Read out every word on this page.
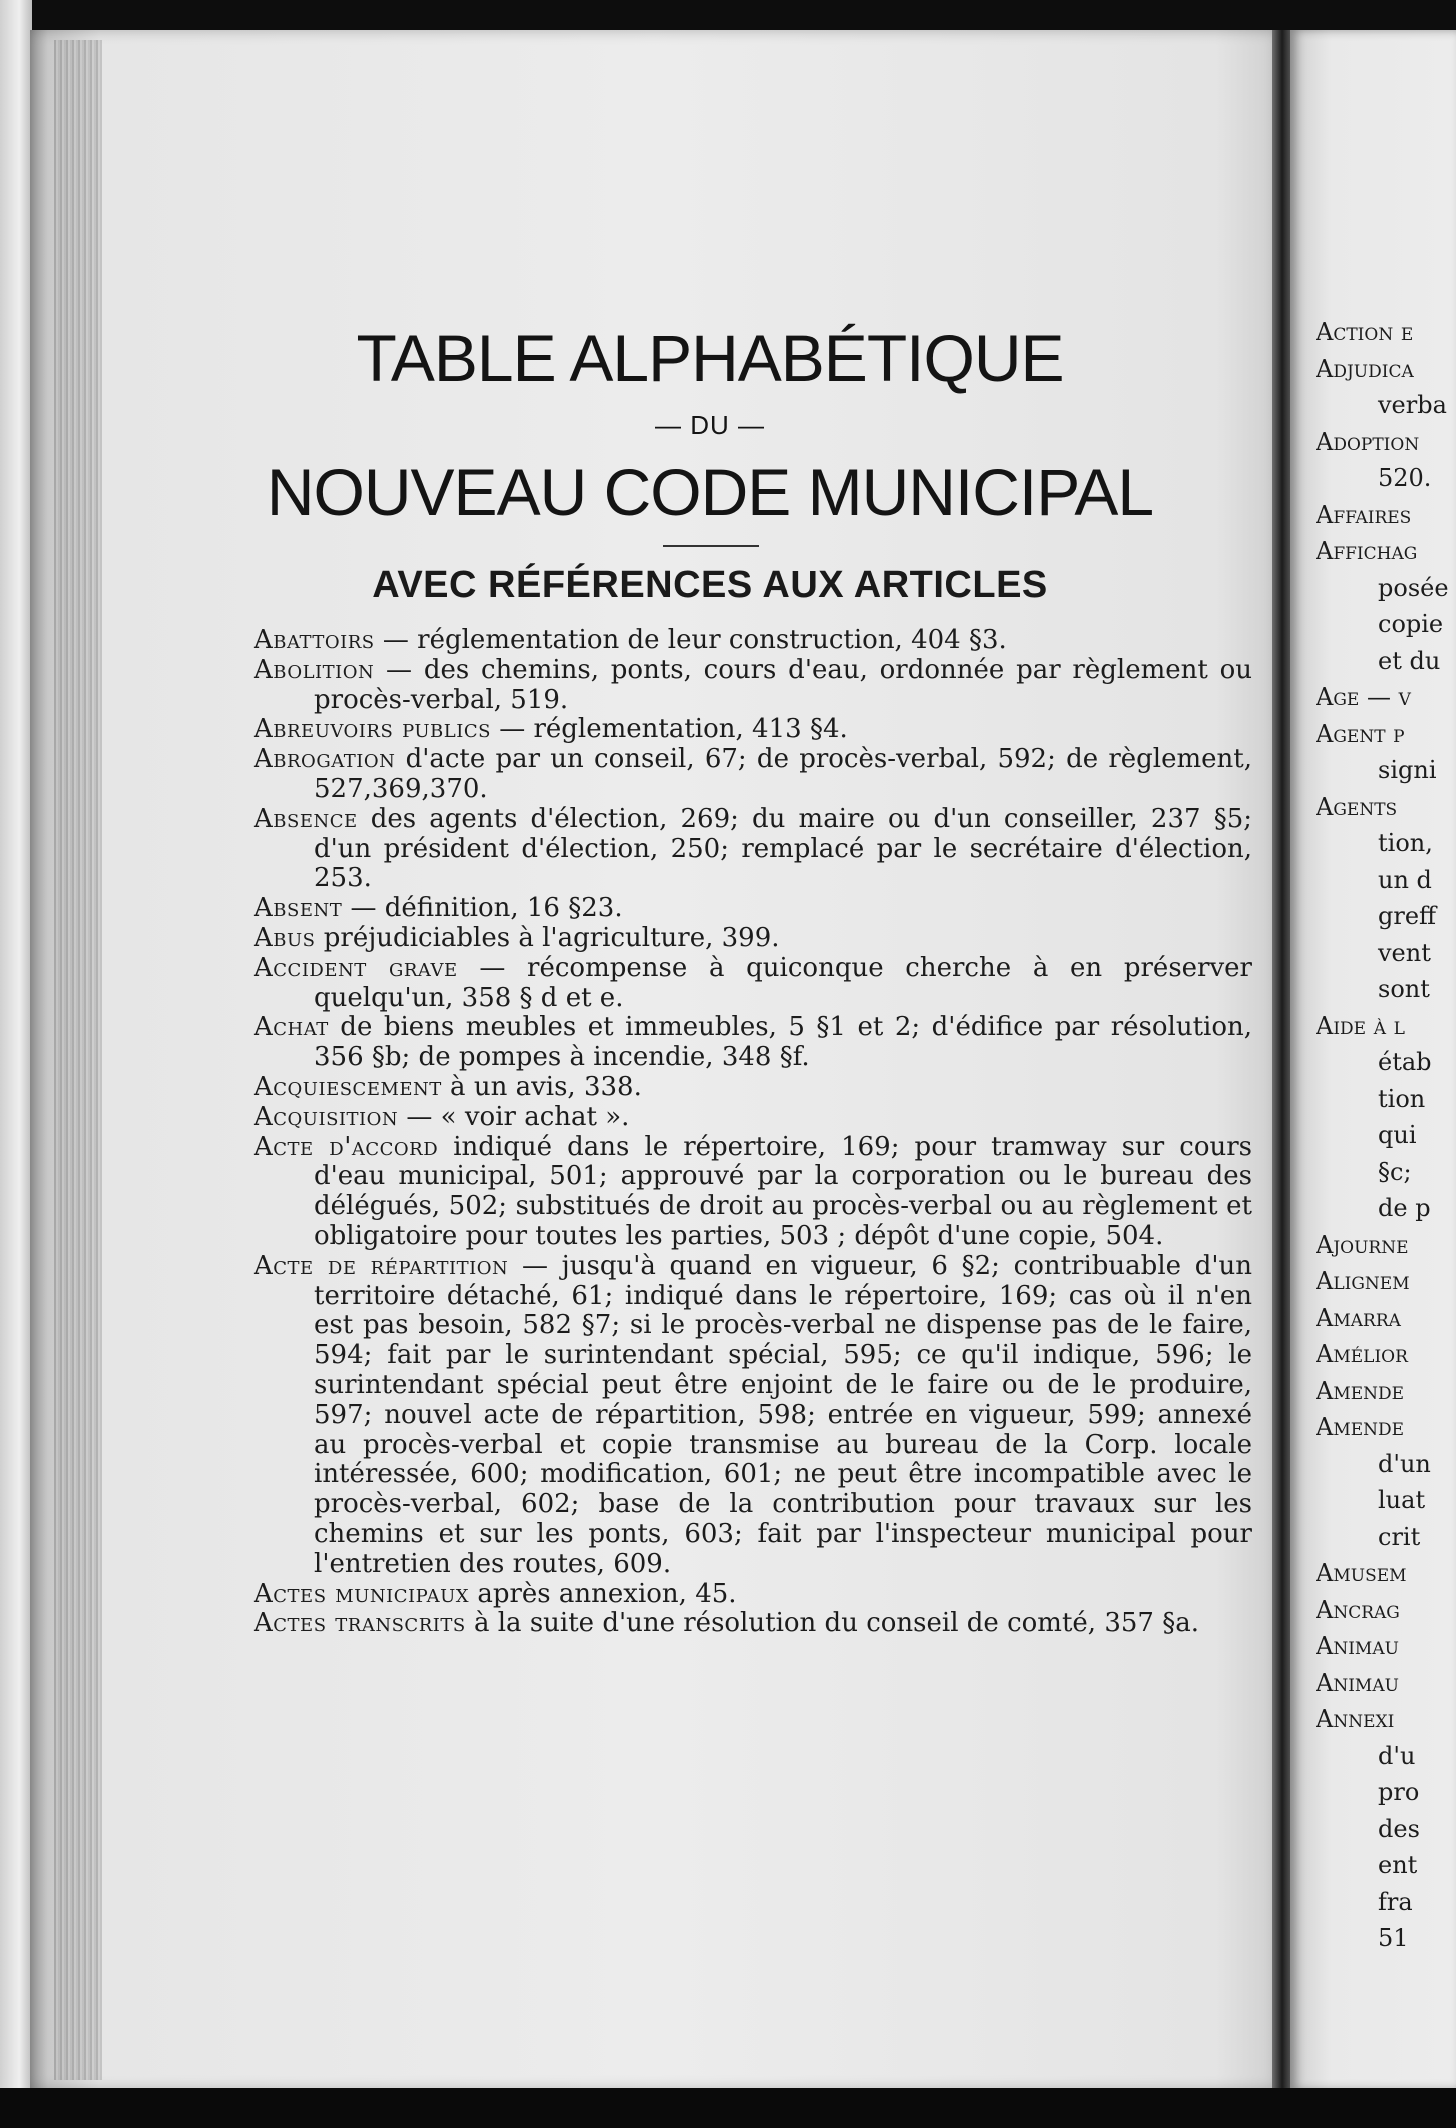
TABLE ALPHABÉTIQUE
— DU —
NOUVEAU CODE MUNICIPAL
AVEC RÉFÉRENCES AUX ARTICLES

Abattoirs — réglementation de leur construction, 404 §3.

Abolition — des chemins, ponts, cours d'eau, ordonnée par règlement ou procès-verbal, 519.

Abreuvoirs publics — réglementation, 413 §4.

Abrogation d'acte par un conseil, 67; de procès-verbal, 592; de règlement, 527,369,370.

Absence des agents d'élection, 269; du maire ou d'un conseiller, 237 §5; d'un président d'élection, 250; remplacé par le secrétaire d'élection, 253.

Absent — définition, 16 §23.

Abus préjudiciables à l'agriculture, 399.

Accident grave — récompense à quiconque cherche à en préserver quelqu'un, 358 § d et e.

Achat de biens meubles et immeubles, 5 §1 et 2; d'édifice par résolution, 356 §b; de pompes à incendie, 348 §f.

Acquiescement à un avis, 338.

Acquisition — « voir achat ».

Acte d'accord indiqué dans le répertoire, 169; pour tramway sur cours d'eau municipal, 501; approuvé par la corporation ou le bureau des délégués, 502; substitués de droit au procès-verbal ou au règlement et obligatoire pour toutes les parties, 503 ; dépôt d'une copie, 504.

Acte de répartition — jusqu'à quand en vigueur, 6 §2; contribuable d'un territoire détaché, 61; indiqué dans le répertoire, 169; cas où il n'en est pas besoin, 582 §7; si le procès-verbal ne dispense pas de le faire, 594; fait par le surintendant spécial, 595; ce qu'il indique, 596; le surintendant spécial peut être enjoint de le faire ou de le produire, 597; nouvel acte de répartition, 598; entrée en vigueur, 599; annexé au procès-verbal et copie transmise au bureau de la Corp. locale intéressée, 600; modification, 601; ne peut être incompatible avec le procès-verbal, 602; base de la contribution pour travaux sur les chemins et sur les ponts, 603; fait par l'inspecteur municipal pour l'entretien des routes, 609.

Actes municipaux après annexion, 45.

Actes transcrits à la suite d'une résolution du conseil de comté, 357 §a.

Action e
Adjudica
verba
Adoption
520.
Affaires
Affichag
posée
copie
et du
Age — v
Agent p
signi
Agents
tion,
un d
greff
vent
sont
Aide à l
étab
tion
qui
§c;
de p
Ajourne
Alignem
Amarra
Amélior
Amende
Amende
d'un
luat
crit
Amusem
Ancrag
Animau
Animau
Annexi
d'u
pro
des
ent
fra
51
